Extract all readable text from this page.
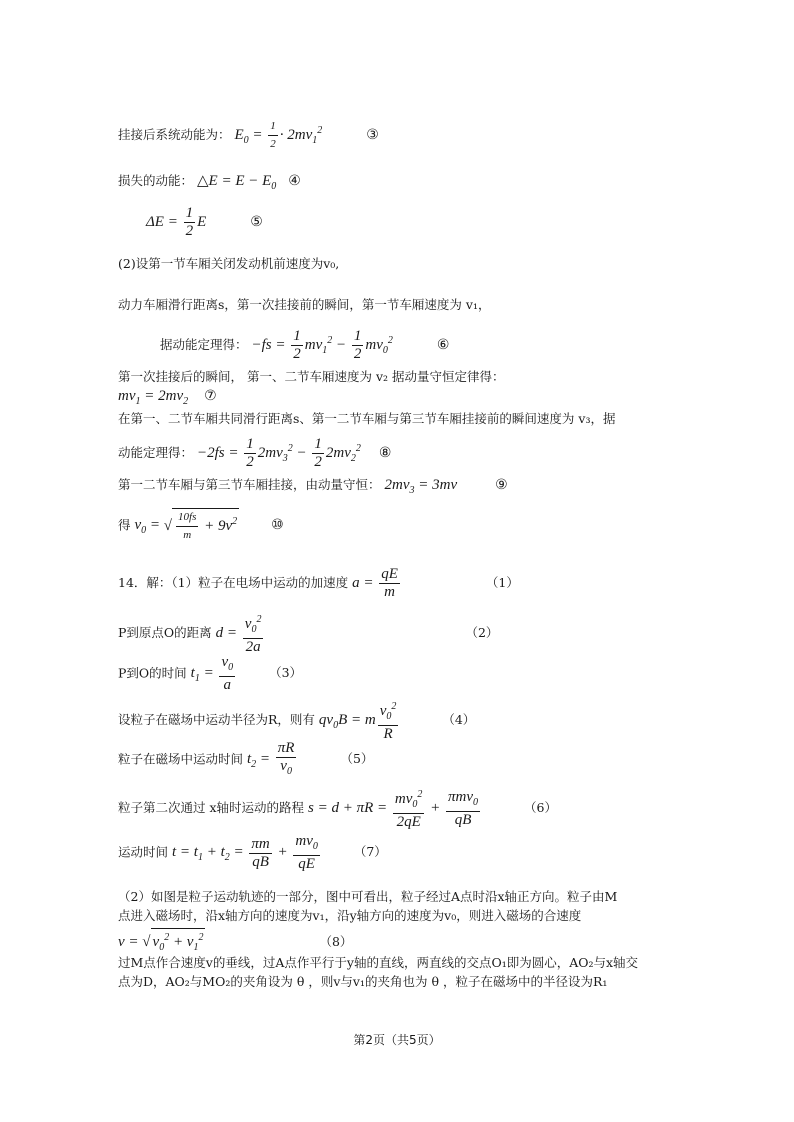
挂接后系统动能为： $E_0 = \frac{1}{2} \cdot 2mv_1^2$	③
损失的动能： △E = $E - E_0$ ④
$\Delta E = \frac{1}{2}$ E	⑤
(2)设第一节车厢关闭发动机前速度为v₀,
动力车厢滑行距离s，第一次挂接前的瞬间，第一节车厢速度为 v₁，
据动能定理得： $-fs = \frac{1}{2} mv_1^2 - \frac{1}{2} mv_0^2$	⑥
第一次挂接后的瞬间， 第一、二节车厢速度为 v₂ 据动量守恒定律得：
$mv_1 = 2mv_2$ ⑦
在第一、二节车厢共同滑行距离s、第一二节车厢与第三节车厢挂接前的瞬间速度为 v₃，据
动能定理得： $-2fs = \frac{1}{2} 2mv_3^2 - \frac{1}{2} 2mv_2^2$ ⑧
第一二节车厢与第三节车厢挂接，由动量守恒： $2mv_3 = 3mv$	⑨
得 $v_0$ = √ $\frac{10fs}{m} + 9v^2$ ⑩
14．解：（1）粒子在电场中运动的加速度 $a = \frac{qE}{m}$	（1）
P到原点O的距离 $d = \frac{v_0^2}{2a}$	（2）
P到O的时间 $t_1 = \frac{v_0}{a}$	（3）
设粒子在磁场中运动半径为R，则有 $qv_0B = m \frac{v_0^2}{R}$	（4）
粒子在磁场中运动时间 $t_2 = \frac{\pi R}{v_0}$	（5）
粒子第二次通过 x轴时运动的路程 $s = d + \pi R = \frac{mv_0^2}{2qE} + \frac{\pi mv_0}{qB}$	（6）
运动时间 $t = t_1 + t_2 = \frac{\pi m}{qB} + \frac{mv_0}{qE}$	（7）
（2）如图是粒子运动轨迹的一部分，图中可看出，粒子经过A点时沿x轴正方向。粒子由M
点进入磁场时，沿x轴方向的速度为v₁，沿y轴方向的速度为v₀，则进入磁场的合速度
v = √ $v_0^2 + v_1^2$	（8）
过M点作合速度v的垂线，过A点作平行于y轴的直线，两直线的交点O₁即为圆心，AO₂与x轴交
点为D，AO₂与MO₂的夹角设为 θ ，则v与v₁的夹角也为 θ ，粒子在磁场中的半径设为R₁
第2页（共5页）
